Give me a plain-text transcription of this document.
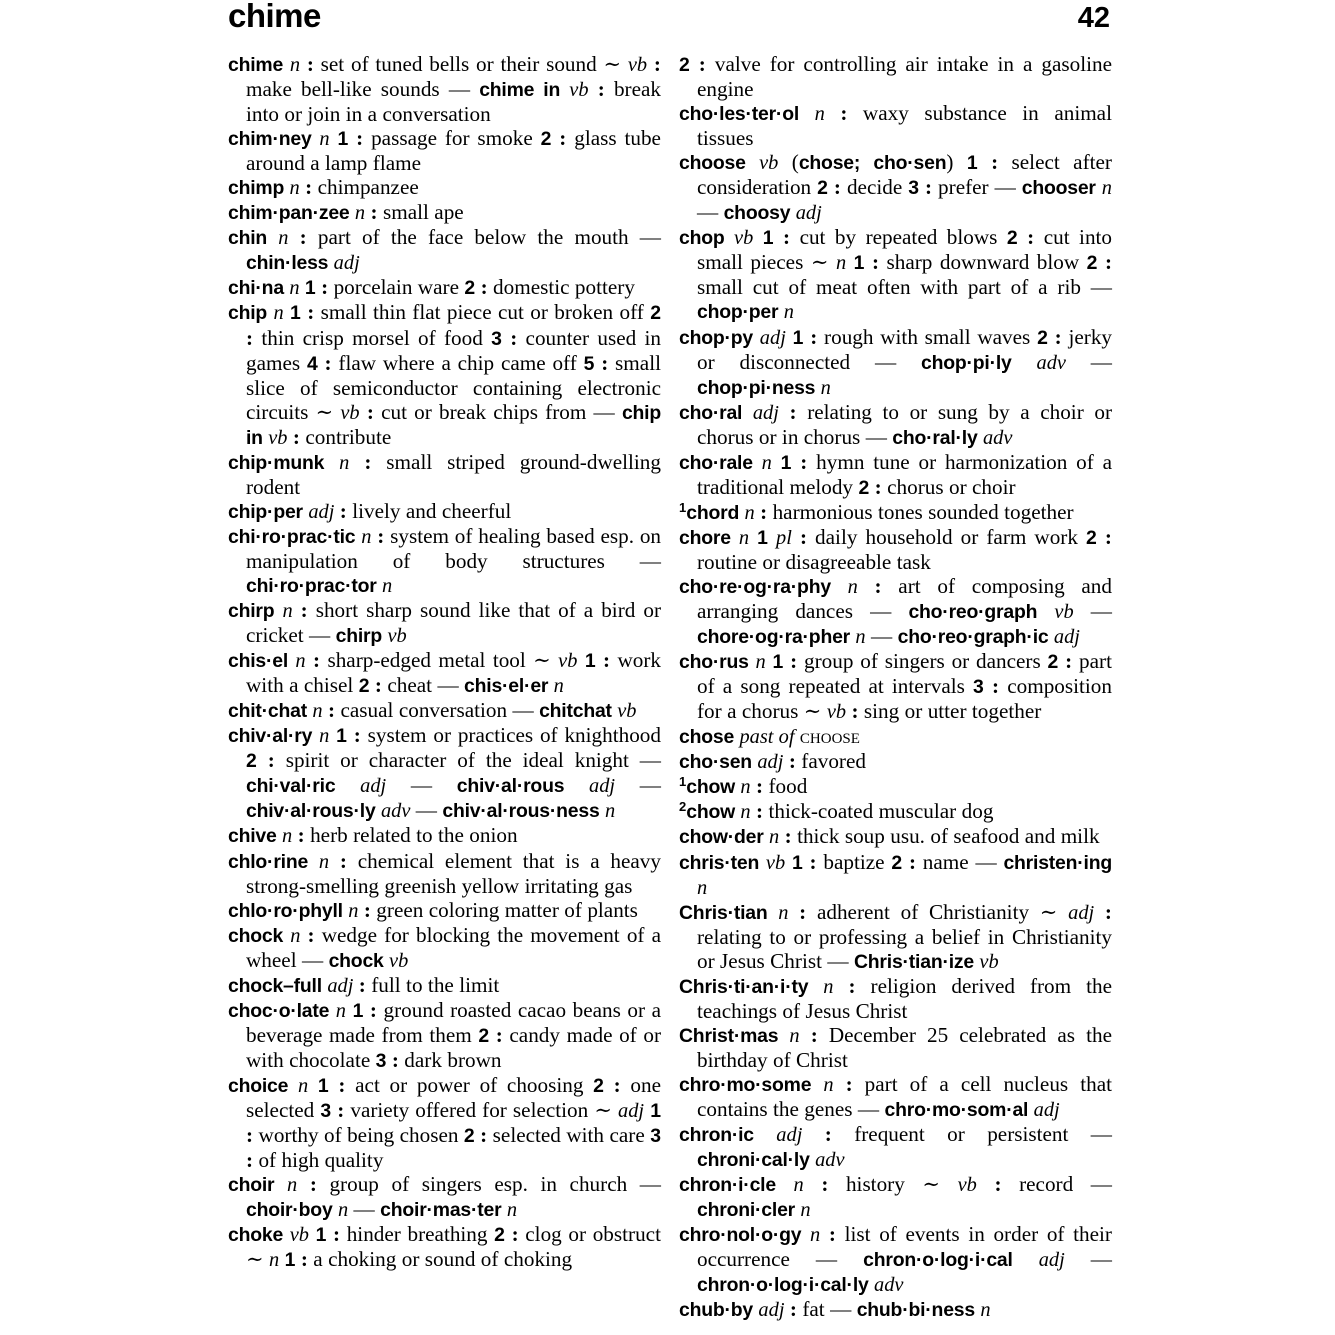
chime	42

chime n : set of tuned bells or their sound ∼ vb : make bell-like sounds — chime in vb : break into or join in a conversation

chim·ney n 1 : passage for smoke 2 : glass tube around a lamp flame

chimp n : chimpanzee

chim·pan·zee n : small ape

chin n : part of the face below the mouth — chin·less adj

chi·na n 1 : porcelain ware 2 : domestic pottery

chip n 1 : small thin flat piece cut or broken off 2 : thin crisp morsel of food 3 : counter used in games 4 : flaw where a chip came off 5 : small slice of semiconductor containing electronic circuits ∼ vb : cut or break chips from — chip in vb : contribute

chip·munk n : small striped ground-dwelling rodent

chip·per adj : lively and cheerful

chi·ro·prac·tic n : system of healing based esp. on manipulation of body structures — chi·ro·prac·tor n

chirp n : short sharp sound like that of a bird or cricket — chirp vb

chis·el n : sharp-edged metal tool ∼ vb 1 : work with a chisel 2 : cheat — chis·el·er n

chit·chat n : casual conversation — chitchat vb

chiv·al·ry n 1 : system or practices of knighthood 2 : spirit or character of the ideal knight — chi·val·ric adj — chiv·al·rous adj — chiv·al·rous·ly adv — chiv·al·rous·ness n

chive n : herb related to the onion

chlo·rine n : chemical element that is a heavy strong-smelling greenish yellow irritating gas

chlo·ro·phyll n : green coloring matter of plants

chock n : wedge for blocking the movement of a wheel — chock vb

chock–full adj : full to the limit

choc·o·late n 1 : ground roasted cacao beans or a beverage made from them 2 : candy made of or with chocolate 3 : dark brown

choice n 1 : act or power of choosing 2 : one selected 3 : variety offered for selection ∼ adj 1 : worthy of being chosen 2 : selected with care 3 : of high quality

choir n : group of singers esp. in church — choir·boy n — choir·mas·ter n

choke vb 1 : hinder breathing 2 : clog or obstruct ∼ n 1 : a choking or sound of choking

2 : valve for controlling air intake in a gasoline engine

cho·les·ter·ol n : waxy substance in animal tissues

choose vb (chose; cho·sen) 1 : select after consideration 2 : decide 3 : prefer — chooser n — choosy adj

chop vb 1 : cut by repeated blows 2 : cut into small pieces ∼ n 1 : sharp downward blow 2 : small cut of meat often with part of a rib — chop·per n

chop·py adj 1 : rough with small waves 2 : jerky or disconnected — chop·pi·ly adv — chop·pi·ness n

cho·ral adj : relating to or sung by a choir or chorus or in chorus — cho·ral·ly adv

cho·rale n 1 : hymn tune or harmonization of a traditional melody 2 : chorus or choir

$^1$chord n : harmonious tones sounded together

chore n 1 pl : daily household or farm work 2 : routine or disagreeable task

cho·re·og·ra·phy n : art of composing and arranging dances — cho·reo·graph vb — chore·og·ra·pher n — cho·reo·graph·ic adj

cho·rus n 1 : group of singers or dancers 2 : part of a song repeated at intervals 3 : composition for a chorus ∼ vb : sing or utter together

chose past of choose

cho·sen adj : favored

$^1$chow n : food

$^2$chow n : thick-coated muscular dog

chow·der n : thick soup usu. of seafood and milk

chris·ten vb 1 : baptize 2 : name — christen·ing n

Chris·tian n : adherent of Christianity ∼ adj : relating to or professing a belief in Christianity or Jesus Christ — Chris·tian·ize vb

Chris·ti·an·i·ty n : religion derived from the teachings of Jesus Christ

Christ·mas n : December 25 celebrated as the birthday of Christ

chro·mo·some n : part of a cell nucleus that contains the genes — chro·mo·som·al adj

chron·ic adj : frequent or persistent — chroni·cal·ly adv

chron·i·cle n : history ∼ vb : record — chroni·cler n

chro·nol·o·gy n : list of events in order of their occurrence — chron·o·log·i·cal adj — chron·o·log·i·cal·ly adv

chub·by adj : fat — chub·bi·ness n
